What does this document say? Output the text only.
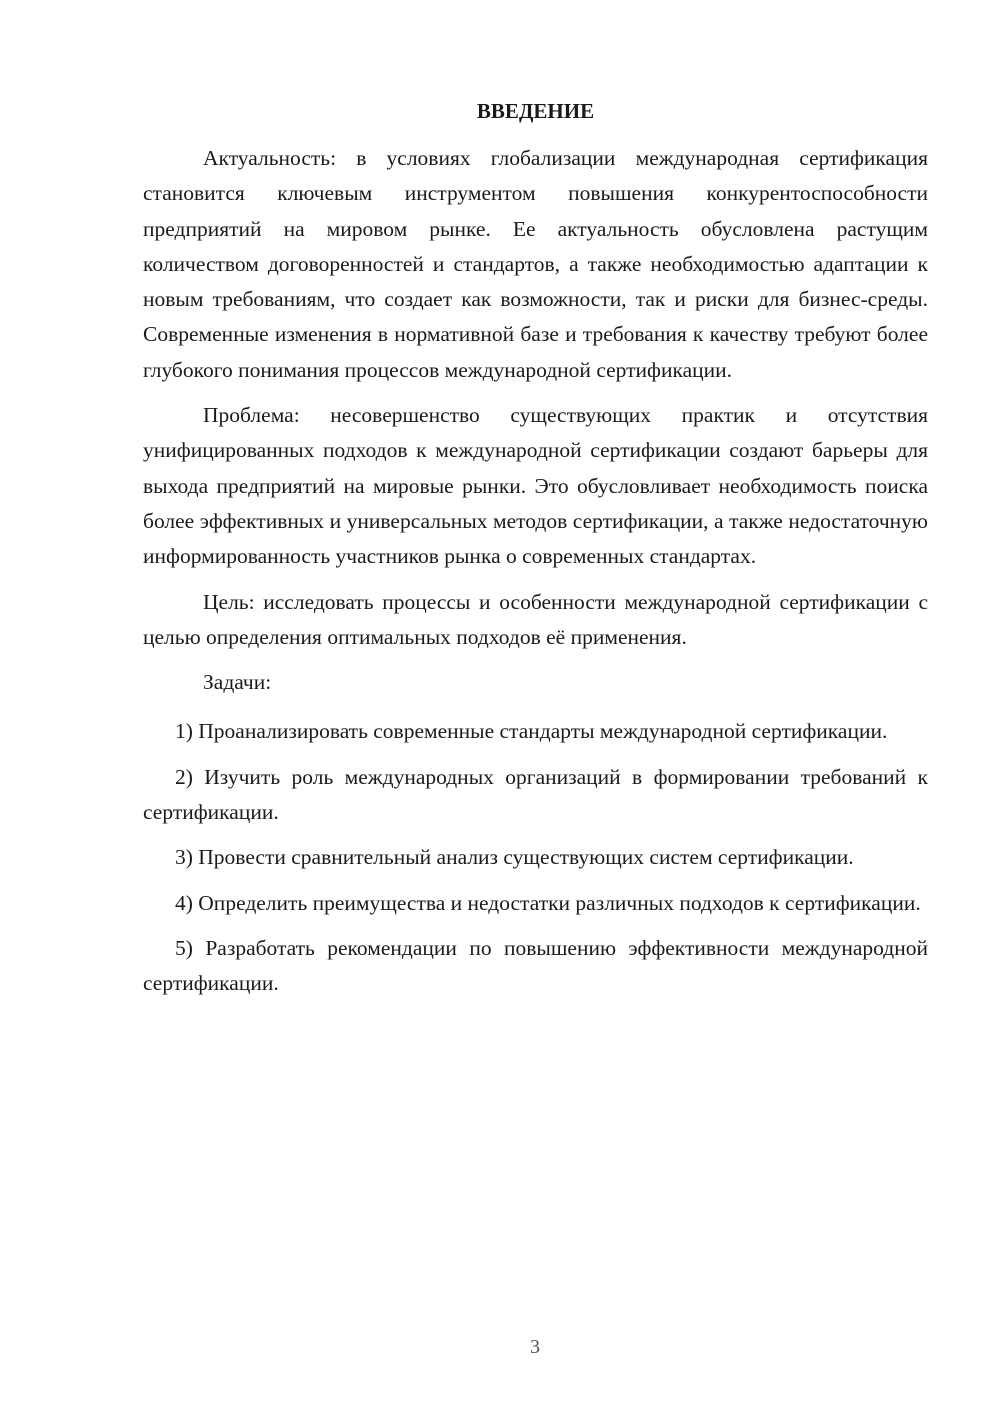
ВВЕДЕНИЕ

Актуальность: в условиях глобализации международная сертификация становится ключевым инструментом повышения конкурентоспособности предприятий на мировом рынке. Ее актуальность обусловлена растущим количеством договоренностей и стандартов, а также необходимостью адаптации к новым требованиям, что создает как возможности, так и риски для бизнес-среды. Современные изменения в нормативной базе и требования к качеству требуют более глубокого понимания процессов международной сертификации.

Проблема: несовершенство существующих практик и отсутствия унифицированных подходов к международной сертификации создают барьеры для выхода предприятий на мировые рынки. Это обусловливает необходимость поиска более эффективных и универсальных методов сертификации, а также недостаточную информированность участников рынка о современных стандартах.

Цель: исследовать процессы и особенности международной сертификации с целью определения оптимальных подходов её применения.

Задачи:

1) Проанализировать современные стандарты международной сертификации.

2) Изучить роль международных организаций в формировании требований к сертификации.

3) Провести сравнительный анализ существующих систем сертификации.

4) Определить преимущества и недостатки различных подходов к сертификации.

5) Разработать рекомендации по повышению эффективности международной сертификации.

3
